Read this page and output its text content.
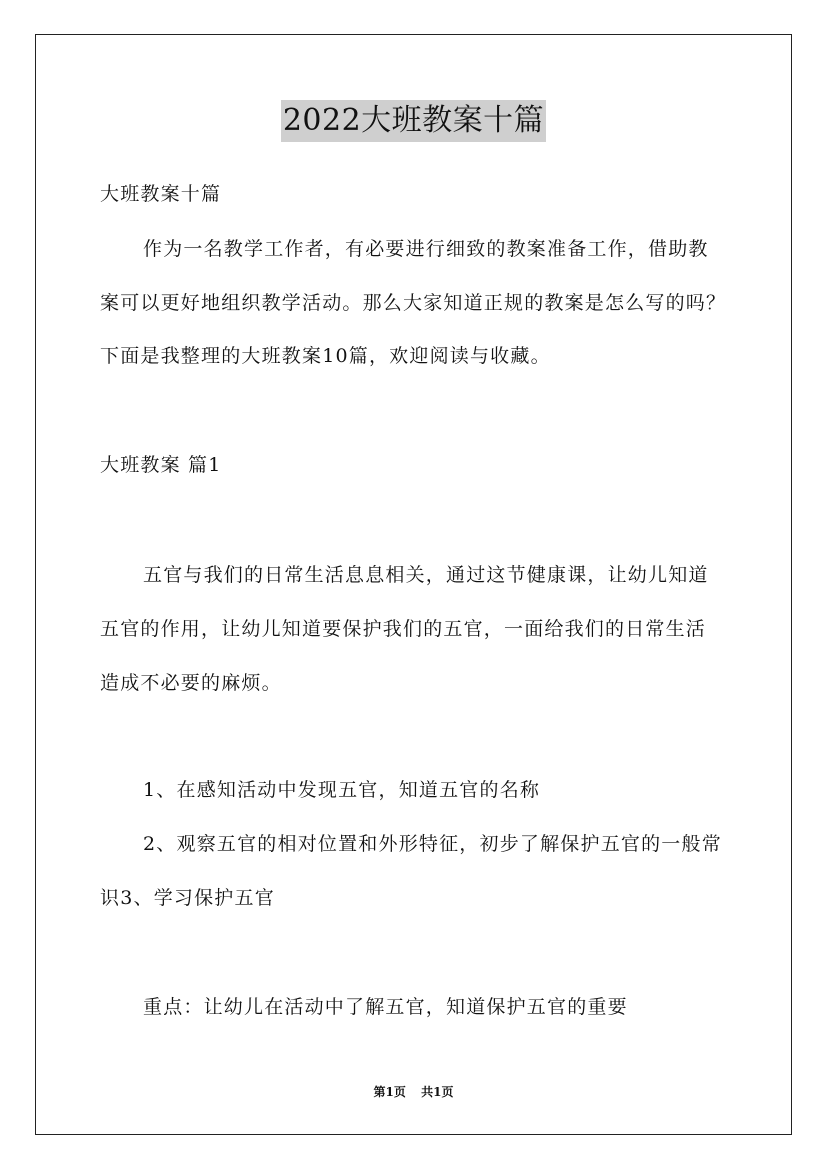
2022大班教案十篇
大班教案十篇
作为一名教学工作者，有必要进行细致的教案准备工作，借助教
案可以更好地组织教学活动。那么大家知道正规的教案是怎么写的吗？
下面是我整理的大班教案10篇，欢迎阅读与收藏。
大班教案 篇1
五官与我们的日常生活息息相关，通过这节健康课，让幼儿知道
五官的作用，让幼儿知道要保护我们的五官，一面给我们的日常生活
造成不必要的麻烦。
1、在感知活动中发现五官，知道五官的名称
2、观察五官的相对位置和外形特征，初步了解保护五官的一般常
识3、学习保护五官
重点：让幼儿在活动中了解五官，知道保护五官的重要
第1页 共1页
